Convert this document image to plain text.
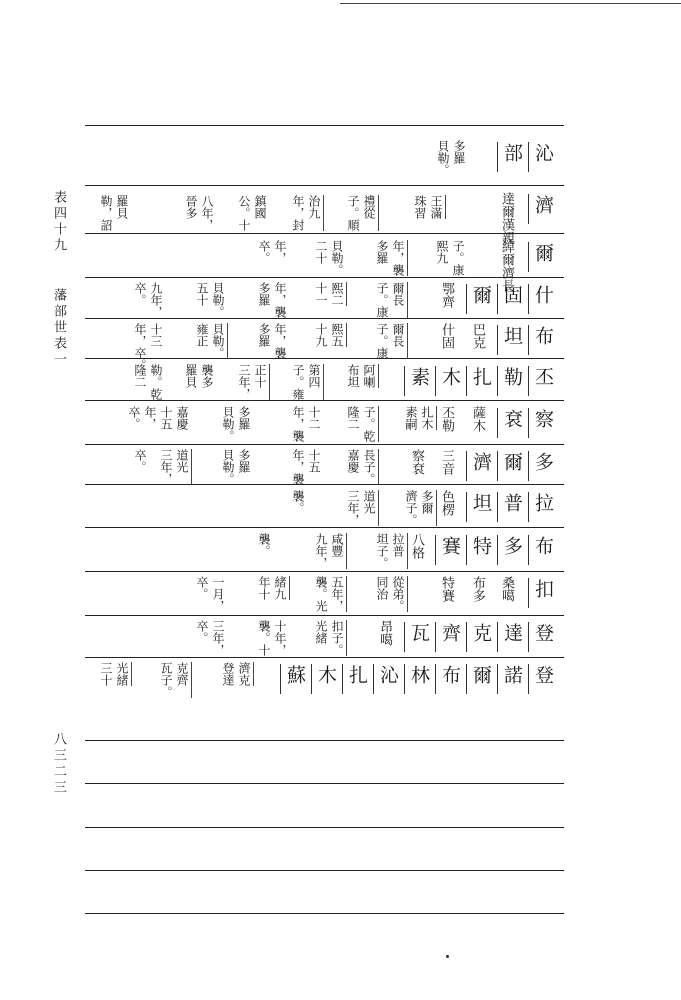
表四十九
藩部世表一
八三二三
沁
部
多羅
貝勒。
濟
達爾漢親
王滿
珠習
禮從
子。順
治九
年，封
鎮國
公。十
八年，
晉多
羅貝
勒，詔
爾
綽爾濟長
子。康
熙九
年，襲
多羅
貝勒。
二十
年，
卒。
什
固
爾
鄂齊
爾長
子。康
熙二
十一
年，襲
多羅
貝勒。
五十
九年，
卒。
布
坦
巴克
什固
爾長
子。康
熙五
十九
年，襲
多羅
貝勒。
雍正
十三
年，卒。
丕
勒
扎
木
素
阿喇
布坦
第四
子。雍
正十
三年，
襲多
羅貝
勒。乾
隆二
察
袞
薩木
丕勒
扎木
素嗣
子。乾
隆二
十二
年，襲
多羅
貝勒。
嘉慶
十五
年，
卒。
多
爾
濟
三音
察袞
長子。
嘉慶
十五
年，襲
多羅
貝勒。
道光
三年，
卒。
拉
普
坦
色楞
多爾
濟子。
道光
三年，
襲。
布
多
特
賽
八格
拉普
坦子。
咸豐
九年，
襲。
扣
桑噶
布多
特賽
從弟。
同治
五年，
襲。光
緒九
年十
一月，
卒。
登
達
克
齊
瓦
昂噶
扣子。
光緒
十年，
襲。十
三年，
卒。
登
諾
爾
布
林
沁
扎
木
蘇
濟克
登達
克齊
瓦子。
光緒
三十
